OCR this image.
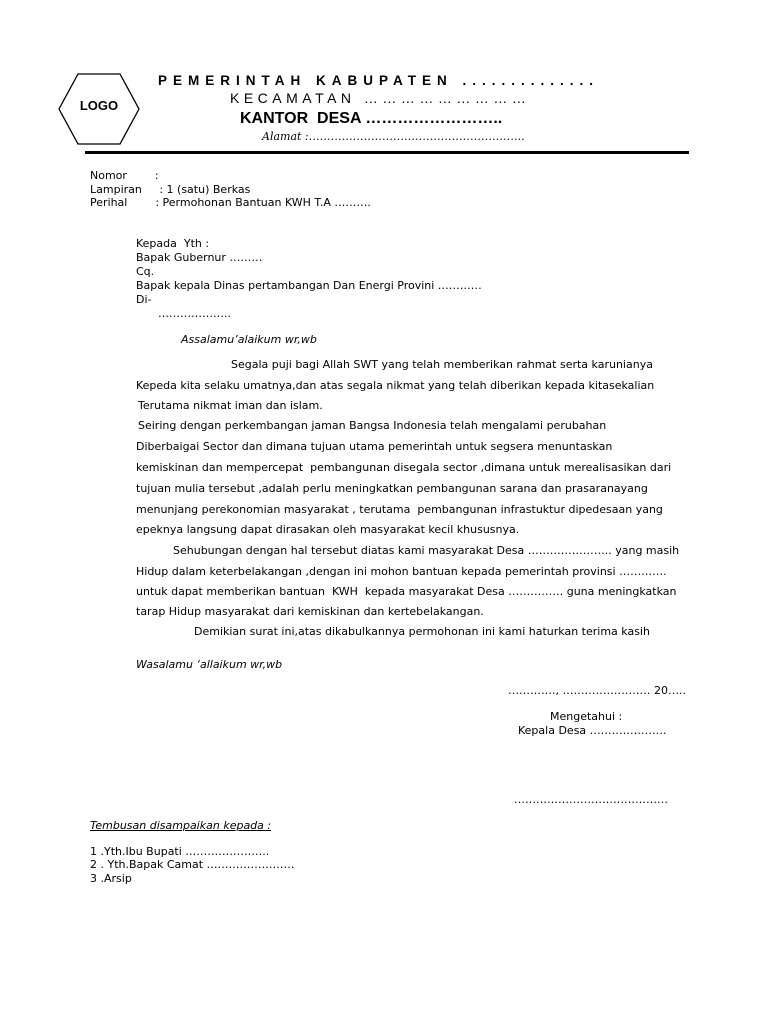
LOGO
PEMERINTAH KABUPATEN ..............
KECAMATAN ………………………
KANTOR  DESA ……………………..
Alamat :…………………………………………………..
Nomor        :
Lampiran     : 1 (satu) Berkas
Perihal        : Permohonan Bantuan KWH T.A ……….
Kepada  Yth :
Bapak Gubernur ………
Cq.
Bapak kepala Dinas pertambangan Dan Energi Provini …………
Di-
………………..
Assalamu’alaikum wr,wb
Segala puji bagi Allah SWT yang telah memberikan rahmat serta karunianya
Kepeda kita selaku umatnya,dan atas segala nikmat yang telah diberikan kepada kitasekalian
Terutama nikmat iman dan islam.
Seiring dengan perkembangan jaman Bangsa Indonesia telah mengalami perubahan
Diberbaigai Sector dan dimana tujuan utama pemerintah untuk segsera menuntaskan
kemiskinan dan mempercepat  pembangunan disegala sector ,dimana untuk merealisasikan dari
tujuan mulia tersebut ,adalah perlu meningkatkan pembangunan sarana dan prasaranayang
menunjang perekonomian masyarakat , terutama  pembangunan infrastuktur dipedesaan yang
epeknya langsung dapat dirasakan oleh masyarakat kecil khususnya.
Sehubungan dengan hal tersebut diatas kami masyarakat Desa ………………….. yang masih
Hidup dalam keterbelakangan ,dengan ini mohon bantuan kepada pemerintah provinsi ………….
untuk dapat memberikan bantuan  KWH  kepada masyarakat Desa …………… guna meningkatkan
tarap Hidup masyarakat dari kemiskinan dan kertebelakangan.
Demikian surat ini,atas dikabulkannya permohonan ini kami haturkan terima kasih
Wasalamu ‘allaikum wr,wb
…………., …………………… 20…..
Mengetahui :
Kepala Desa …………………
……………………………………
Tembusan disampaikan kepada :
1 .Yth.Ibu Bupati …………………..
2 . Yth.Bapak Camat ……………………
3 .Arsip
